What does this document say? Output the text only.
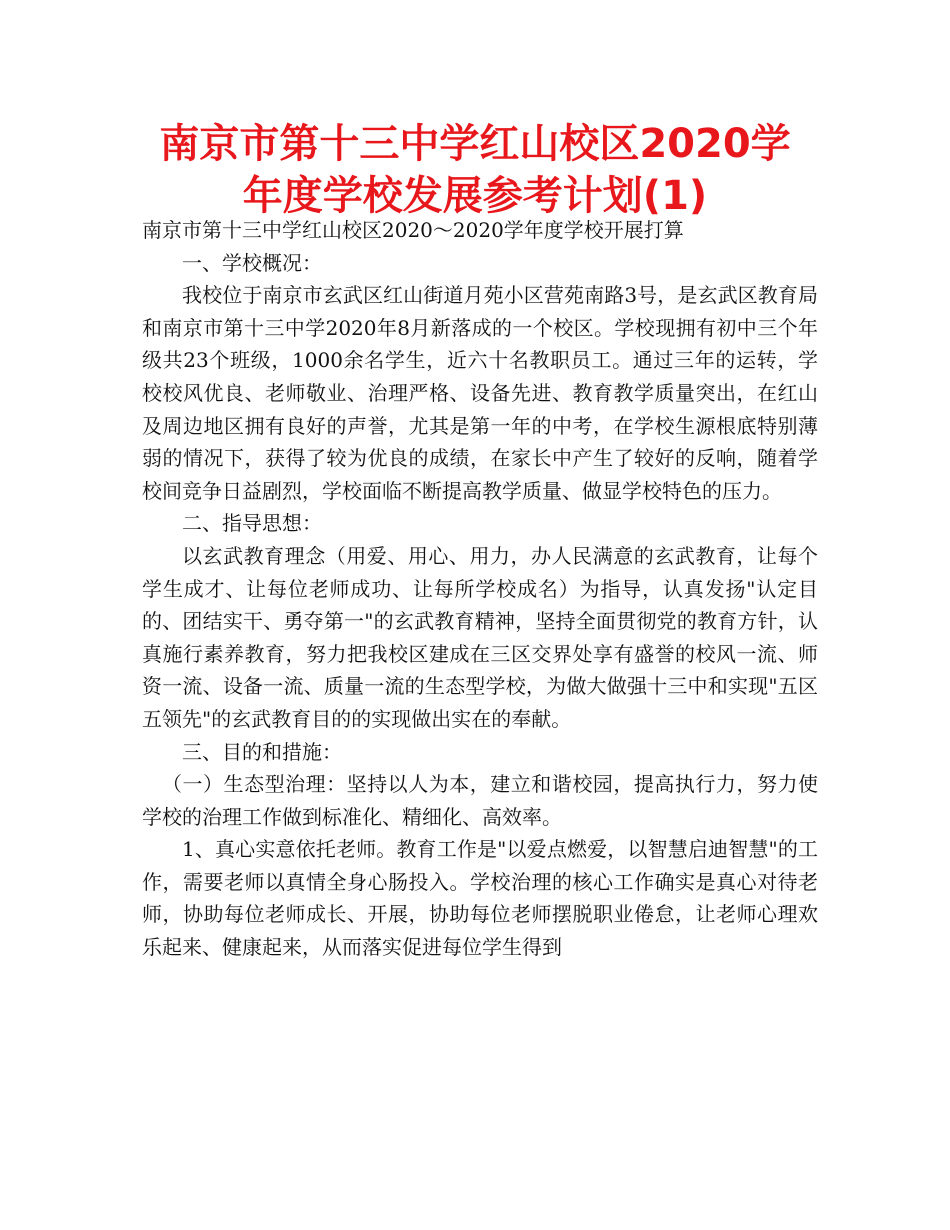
南京市第十三中学红山校区2020学年度学校发展参考计划(1)

南京市第十三中学红山校区2020～2020学年度学校开展打算

一、学校概况：

我校位于南京市玄武区红山街道月苑小区营苑南路3号，是玄武区教育局和南京市第十三中学2020年8月新落成的一个校区。学校现拥有初中三个年级共23个班级，1000余名学生，近六十名教职员工。通过三年的运转，学校校风优良、老师敬业、治理严格、设备先进、教育教学质量突出，在红山及周边地区拥有良好的声誉，尤其是第一年的中考，在学校生源根底特别薄弱的情况下，获得了较为优良的成绩，在家长中产生了较好的反响，随着学校间竞争日益剧烈，学校面临不断提高教学质量、做显学校特色的压力。

二、指导思想：

以玄武教育理念（用爱、用心、用力，办人民满意的玄武教育，让每个学生成才、让每位老师成功、让每所学校成名）为指导，认真发扬"认定目的、团结实干、勇夺第一"的玄武教育精神，坚持全面贯彻党的教育方针，认真施行素养教育，努力把我校区建成在三区交界处享有盛誉的校风一流、师资一流、设备一流、质量一流的生态型学校，为做大做强十三中和实现"五区五领先"的玄武教育目的的实现做出实在的奉献。

三、目的和措施：

（一）生态型治理：坚持以人为本，建立和谐校园，提高执行力，努力使学校的治理工作做到标准化、精细化、高效率。

1、真心实意依托老师。教育工作是"以爱点燃爱，以智慧启迪智慧"的工作，需要老师以真情全身心肠投入。学校治理的核心工作确实是真心对待老师，协助每位老师成长、开展，协助每位老师摆脱职业倦怠，让老师心理欢乐起来、健康起来，从而落实促进每位学生得到
